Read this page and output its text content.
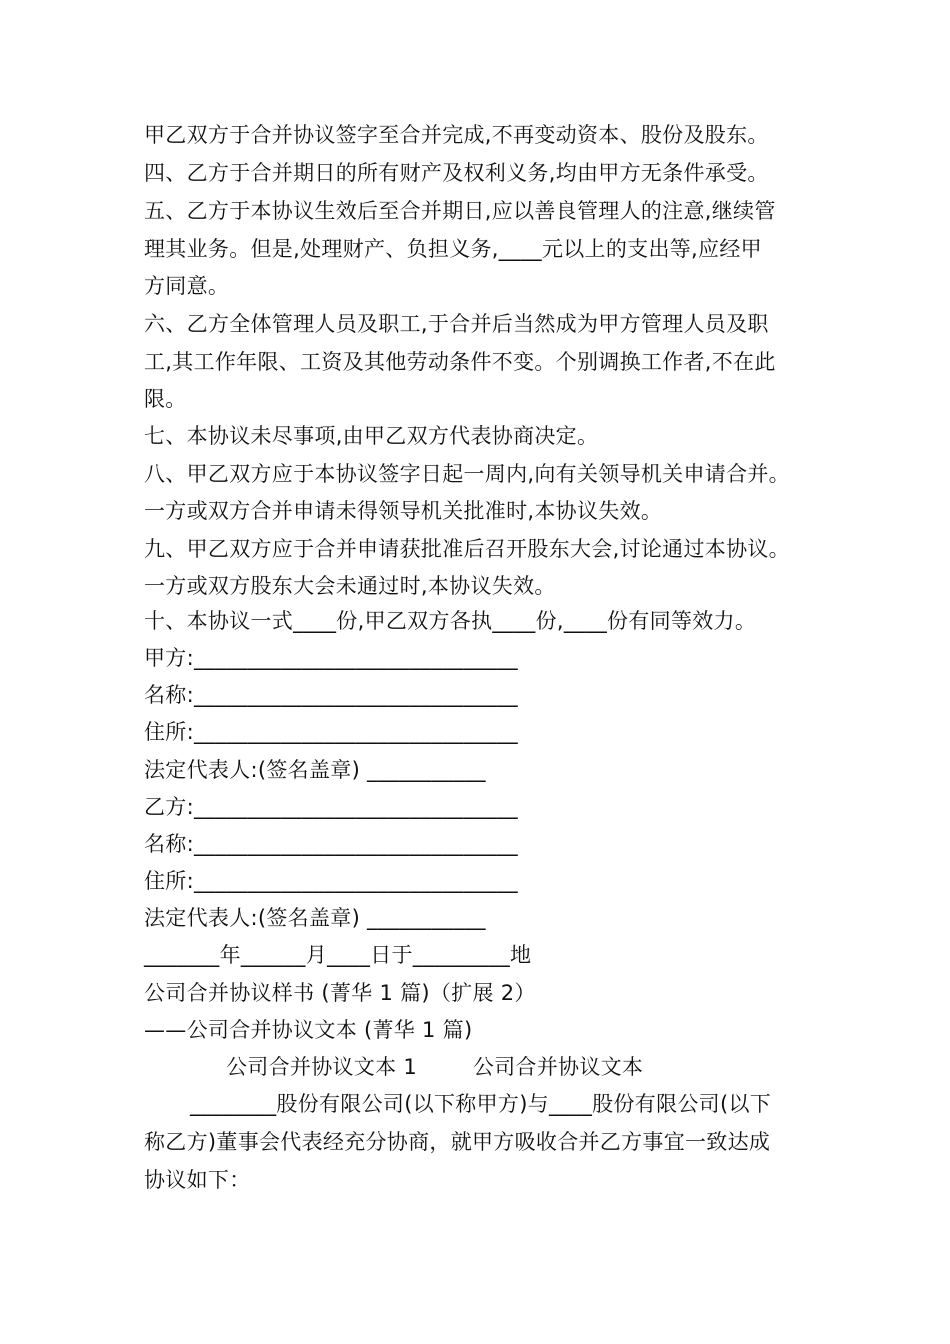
甲乙双方于合并协议签字至合并完成,不再变动资本、股份及股东。
四、乙方于合并期日的所有财产及权利义务,均由甲方无条件承受。
五、乙方于本协议生效后至合并期日,应以善良管理人的注意,继续管
理其业务。但是,处理财产、负担义务,____元以上的支出等,应经甲
方同意。
六、乙方全体管理人员及职工,于合并后当然成为甲方管理人员及职
工,其工作年限、工资及其他劳动条件不变。个别调换工作者,不在此
限。
七、本协议未尽事项,由甲乙双方代表协商决定。
八、甲乙双方应于本协议签字日起一周内,向有关领导机关申请合并。
一方或双方合并申请未得领导机关批准时,本协议失效。
九、甲乙双方应于合并申请获批准后召开股东大会,讨论通过本协议。
一方或双方股东大会未通过时,本协议失效。
十、本协议一式____份,甲乙双方各执____份,____份有同等效力。
甲方:______________________________
名称:______________________________
住所:______________________________
法定代表人:(签名盖章) ___________
乙方:______________________________
名称:______________________________
住所:______________________________
法定代表人:(签名盖章) ___________
_______年______月____日于_________地
公司合并协议样书 (菁华 1 篇)（扩展 2）
——公司合并协议文本 (菁华 1 篇)
公司合并协议文本 1        公司合并协议文本
________股份有限公司(以下称甲方)与____股份有限公司(以下
称乙方)董事会代表经充分协商，就甲方吸收合并乙方事宜一致达成
协议如下：
